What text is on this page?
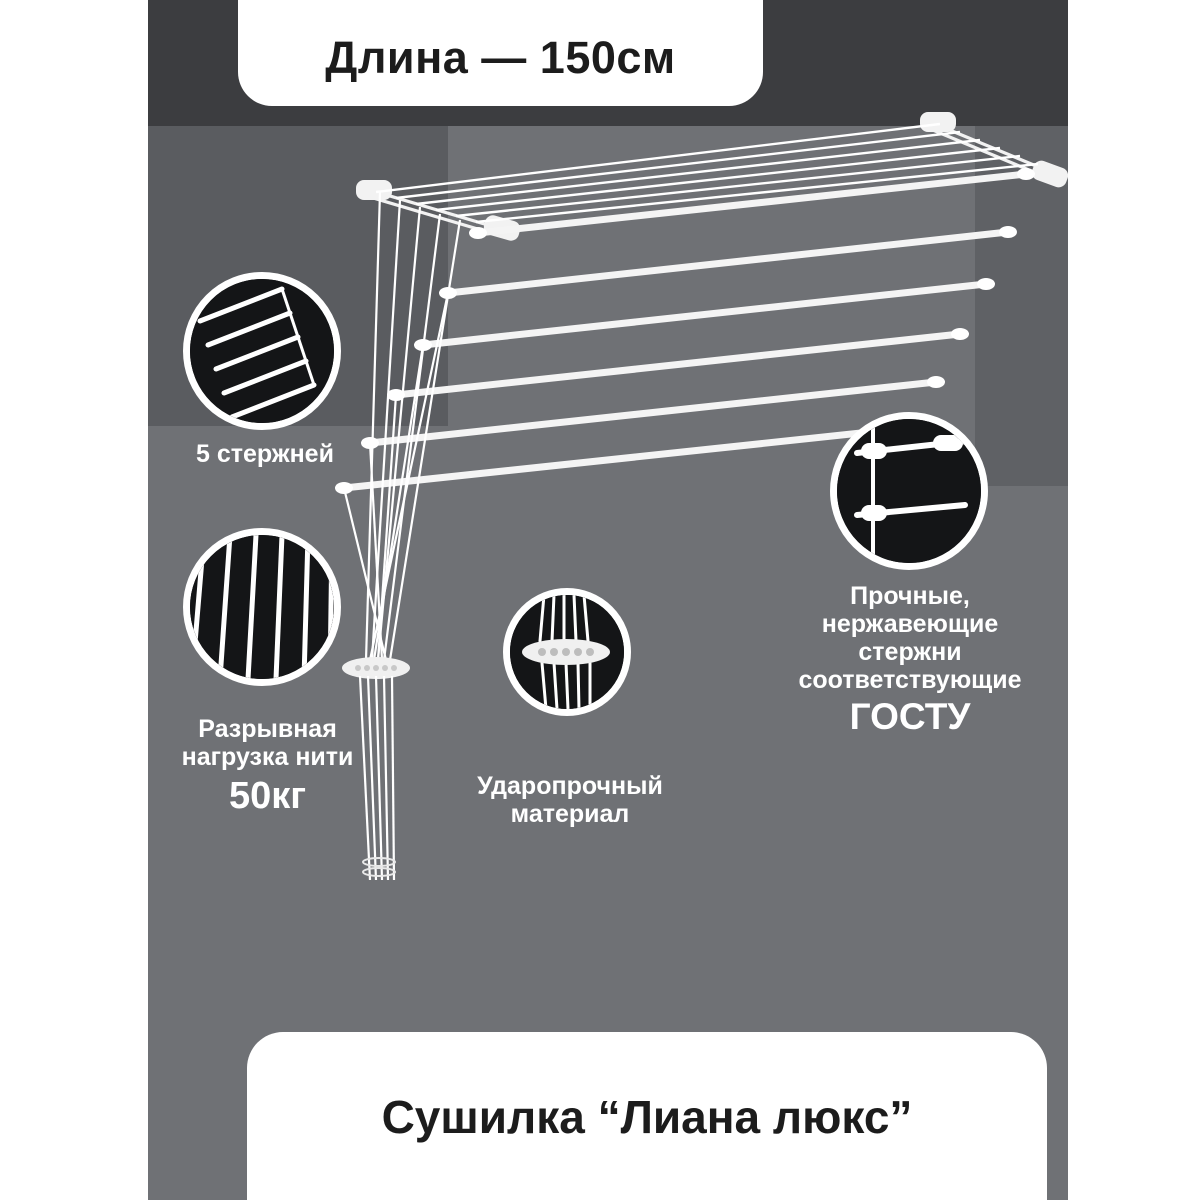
Длина — 150см
5 стержней
Разрывная
нагрузка нити
50кг	Ударопрочный
материал
Прочные,
нержавеющие
стержни
соответствующие
ГОСТУ
Сушилка “Лиана люкс”
